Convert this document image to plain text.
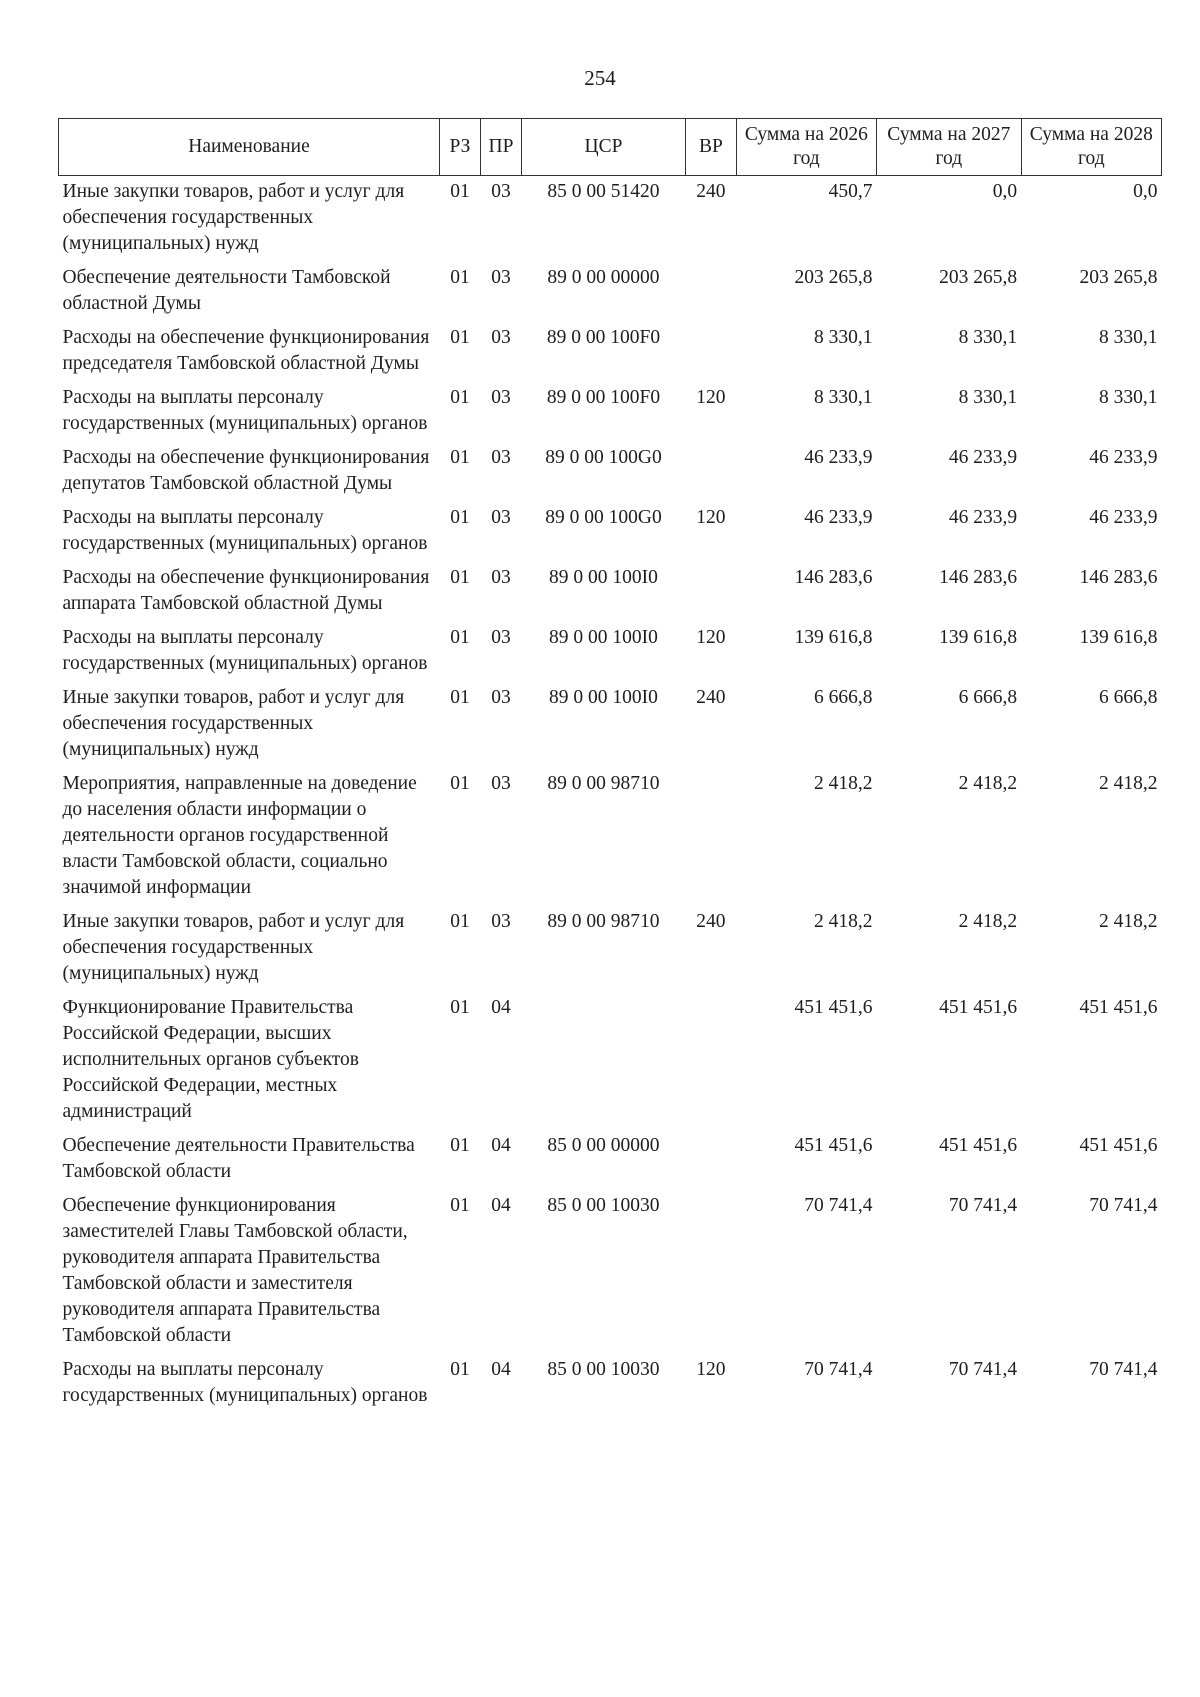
254
Наименование	РЗ	ПР	ЦСР	ВР	Сумма на 2026 год	Сумма на 2027 год	Сумма на 2028 год
Иные закупки товаров, работ и услуг для обеспечения государственных (муниципальных) нужд	01	03	85 0 00 51420	240	450,7	0,0	0,0
Обеспечение деятельности Тамбовской областной Думы	01	03	89 0 00 00000		203 265,8	203 265,8	203 265,8
Расходы на обеспечение функционирования председателя Тамбовской областной Думы	01	03	89 0 00 100F0		8 330,1	8 330,1	8 330,1
Расходы на выплаты персоналу государственных (муниципальных) органов	01	03	89 0 00 100F0	120	8 330,1	8 330,1	8 330,1
Расходы на обеспечение функционирования депутатов Тамбовской областной Думы	01	03	89 0 00 100G0		46 233,9	46 233,9	46 233,9
Расходы на выплаты персоналу государственных (муниципальных) органов	01	03	89 0 00 100G0	120	46 233,9	46 233,9	46 233,9
Расходы на обеспечение функционирования аппарата Тамбовской областной Думы	01	03	89 0 00 100I0		146 283,6	146 283,6	146 283,6
Расходы на выплаты персоналу государственных (муниципальных) органов	01	03	89 0 00 100I0	120	139 616,8	139 616,8	139 616,8
Иные закупки товаров, работ и услуг для обеспечения государственных (муниципальных) нужд	01	03	89 0 00 100I0	240	6 666,8	6 666,8	6 666,8
Мероприятия, направленные на доведение до населения области информации о деятельности органов государственной власти Тамбовской области, социально значимой информации	01	03	89 0 00 98710		2 418,2	2 418,2	2 418,2
Иные закупки товаров, работ и услуг для обеспечения государственных (муниципальных) нужд	01	03	89 0 00 98710	240	2 418,2	2 418,2	2 418,2
Функционирование Правительства Российской Федерации, высших исполнительных органов субъектов Российской Федерации, местных администраций	01	04			451 451,6	451 451,6	451 451,6
Обеспечение деятельности Правительства Тамбовской области	01	04	85 0 00 00000		451 451,6	451 451,6	451 451,6
Обеспечение функционирования заместителей Главы Тамбовской области, руководителя аппарата Правительства Тамбовской области и заместителя руководителя аппарата Правительства Тамбовской области	01	04	85 0 00 10030		70 741,4	70 741,4	70 741,4
Расходы на выплаты персоналу государственных (муниципальных) органов	01	04	85 0 00 10030	120	70 741,4	70 741,4	70 741,4
